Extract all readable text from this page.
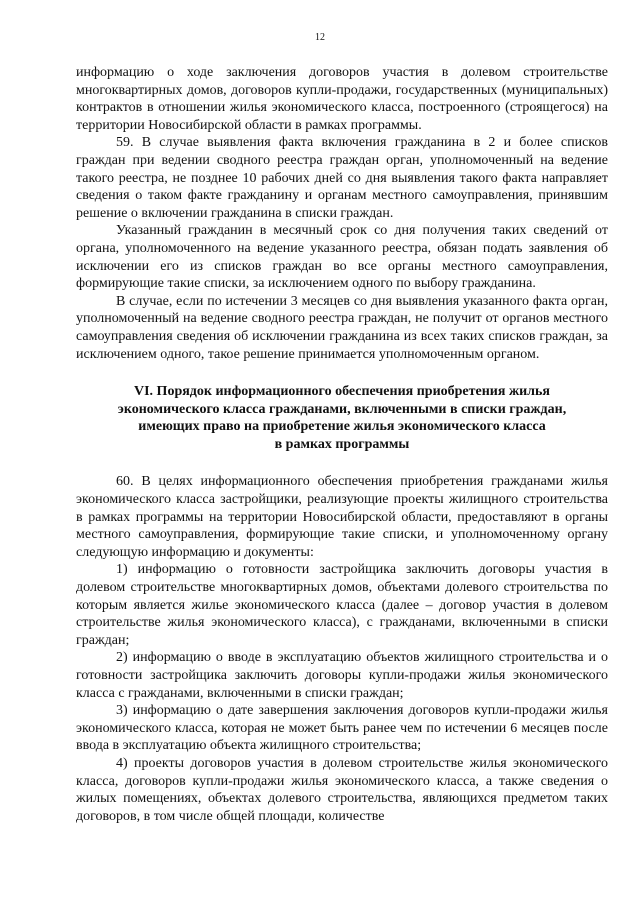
12

информацию о ходе заключения договоров участия в долевом строительстве многоквартирных домов, договоров купли-продажи, государственных (муниципальных) контрактов в отношении жилья экономического класса, построенного (строящегося) на территории Новосибирской области в рамках программы.

59. В случае выявления факта включения гражданина в 2 и более списков граждан при ведении сводного реестра граждан орган, уполномоченный на ведение такого реестра, не позднее 10 рабочих дней со дня выявления такого факта направляет сведения о таком факте гражданину и органам местного самоуправления, принявшим решение о включении гражданина в списки граждан.

Указанный гражданин в месячный срок со дня получения таких сведений от органа, уполномоченного на ведение указанного реестра, обязан подать заявления об исключении его из списков граждан во все органы местного самоуправления, формирующие такие списки, за исключением одного по выбору гражданина.

В случае, если по истечении 3 месяцев со дня выявления указанного факта орган, уполномоченный на ведение сводного реестра граждан, не получит от органов местного самоуправления сведения об исключении гражданина из всех таких списков граждан, за исключением одного, такое решение принимается уполномоченным органом.

VI. Порядок информационного обеспечения приобретения жилья
экономического класса гражданами, включенными в списки граждан,
имеющих право на приобретение жилья экономического класса
в рамках программы

60. В целях информационного обеспечения приобретения гражданами жилья экономического класса застройщики, реализующие проекты жилищного строительства в рамках программы на территории Новосибирской области, предоставляют в органы местного самоуправления, формирующие такие списки, и уполномоченному органу следующую информацию и документы:

1) информацию о готовности застройщика заключить договоры участия в долевом строительстве многоквартирных домов, объектами долевого строительства по которым является жилье экономического класса (далее – договор участия в долевом строительстве жилья экономического класса), с гражданами, включенными в списки граждан;

2) информацию о вводе в эксплуатацию объектов жилищного строительства и о готовности застройщика заключить договоры купли-продажи жилья экономического класса с гражданами, включенными в списки граждан;

3) информацию о дате завершения заключения договоров купли-продажи жилья экономического класса, которая не может быть ранее чем по истечении 6 месяцев после ввода в эксплуатацию объекта жилищного строительства;

4) проекты договоров участия в долевом строительстве жилья экономического класса, договоров купли-продажи жилья экономического класса, а также сведения о жилых помещениях, объектах долевого строительства, являющихся предметом таких договоров, в том числе общей площади, количестве
